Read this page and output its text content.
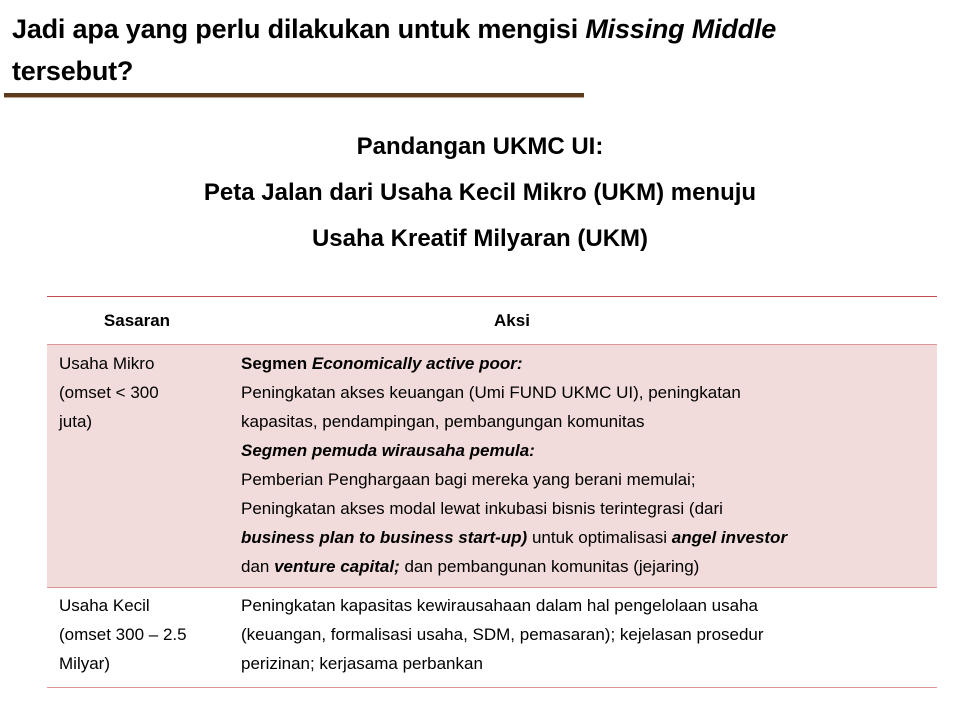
Jadi apa yang perlu dilakukan untuk mengisi Missing Middle
tersebut?
Pandangan UKMC UI:
Peta Jalan dari Usaha Kecil Mikro (UKM) menuju
Usaha Kreatif Milyaran (UKM)
Sasaran	Aksi
Usaha Mikro
(omset < 300
juta)
Segmen Economically active poor:
Peningkatan akses keuangan (Umi FUND UKMC UI), peningkatan
kapasitas, pendampingan, pembangungan komunitas
Segmen pemuda wirausaha pemula:
Pemberian Penghargaan bagi mereka yang berani memulai;
Peningkatan akses modal lewat inkubasi bisnis terintegrasi (dari
business plan to business start-up) untuk optimalisasi angel investor
dan venture capital; dan pembangunan komunitas (jejaring)
Usaha Kecil
(omset 300 – 2.5
Milyar)
Peningkatan kapasitas kewirausahaan dalam hal pengelolaan usaha
(keuangan, formalisasi usaha, SDM, pemasaran); kejelasan prosedur
perizinan; kerjasama perbankan
